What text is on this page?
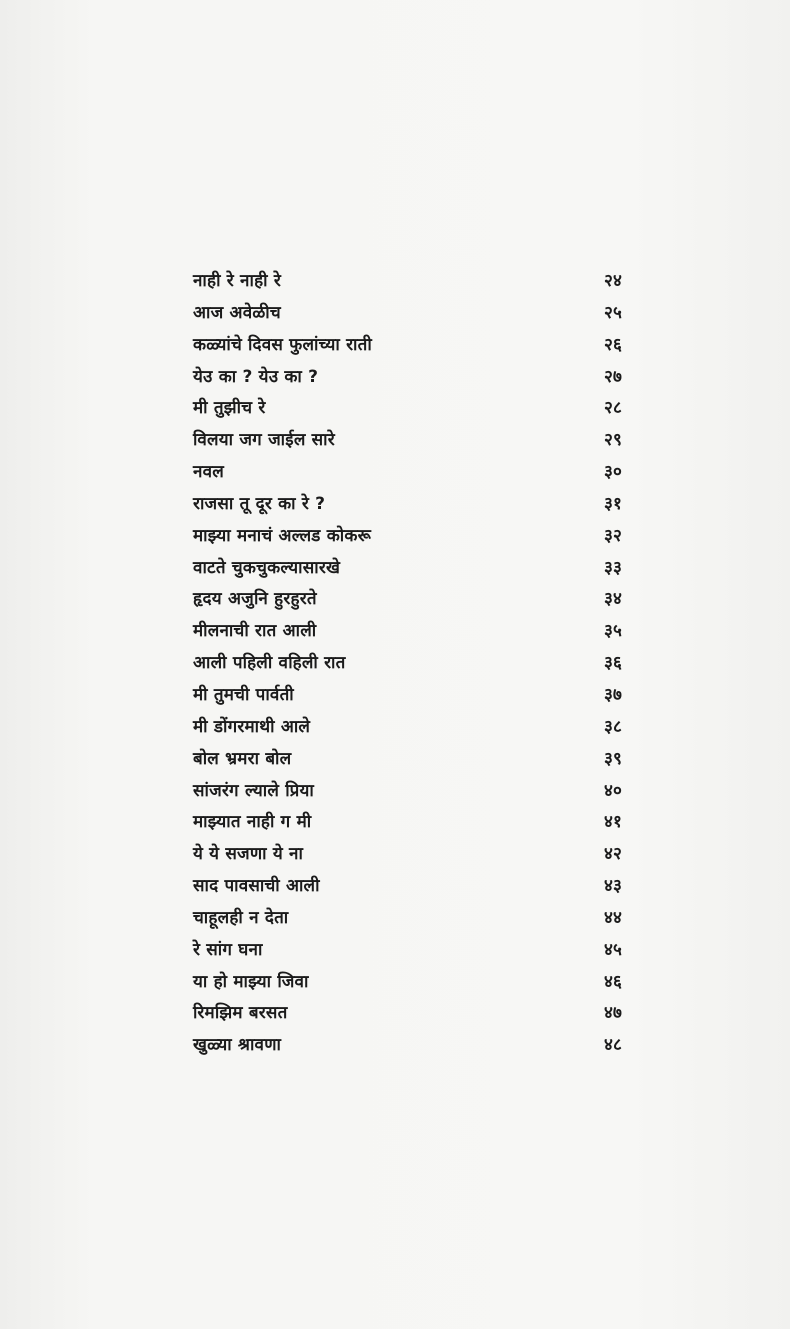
नाही रे नाही रे	२४
आज अवेळीच	२५
कळ्यांचे दिवस फुलांच्या राती	२६
येउ का ? येउ का ?	२७
मी तुझीच रे	२८
विलया जग जाईल सारे	२९
नवल	३०
राजसा तू दूर का रे ?	३१
माझ्या मनाचं अल्लड कोकरू	३२
वाटते चुकचुकल्यासारखे	३३
हृदय अजुनि हुरहुरते	३४
मीलनाची रात आली	३५
आली पहिली वहिली रात	३६
मी तुमची पार्वती	३७
मी डोंगरमाथी आले	३८
बोल भ्रमरा बोल	३९
सांजरंग ल्याले प्रिया	४०
माझ्यात नाही ग मी	४१
ये ये सजणा ये ना	४२
साद पावसाची आली	४३
चाहूलही न देता	४४
रे सांग घना	४५
या हो माझ्या जिवा	४६
रिमझिम बरसत	४७
खुळ्या श्रावणा	४८
